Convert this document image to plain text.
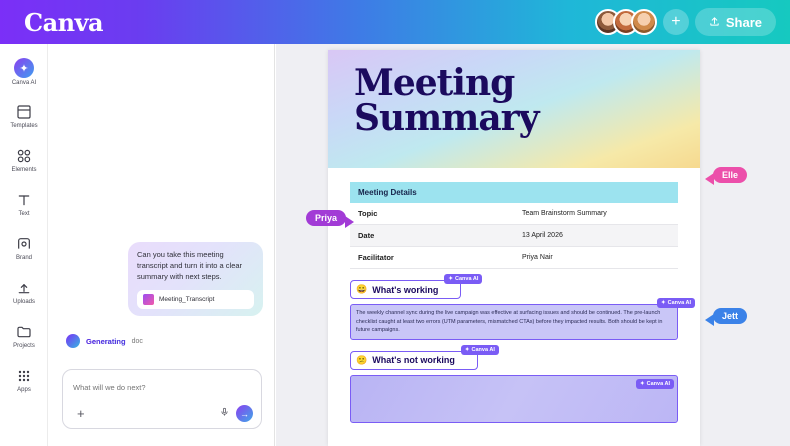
Canva	+	Share
✦
Canva AI
Templates
Elements
Text
Brand
Uploads
Projects
Apps

Can you take this meeting transcript and turn it into a clear summary with next steps.

Meeting_Transcript
Generating doc
What will we do next?
+	→
Meeting
Summary
Meeting Details	
Topic	Team Brainstorm Summary
Date	13 April 2026
Facilitator	Priya Nair
😀 What's working
✦ Canva AI

The weekly channel sync during the live campaign was effective at surfacing issues and should be continued. The pre-launch checklist caught at least two errors (UTM parameters, mismatched CTAs) before they impacted results. Both should be kept in future campaigns.

✦ Canva AI
😕 What's not working
✦ Canva AI
✦ Canva AI
Priya
Elle
Jett
